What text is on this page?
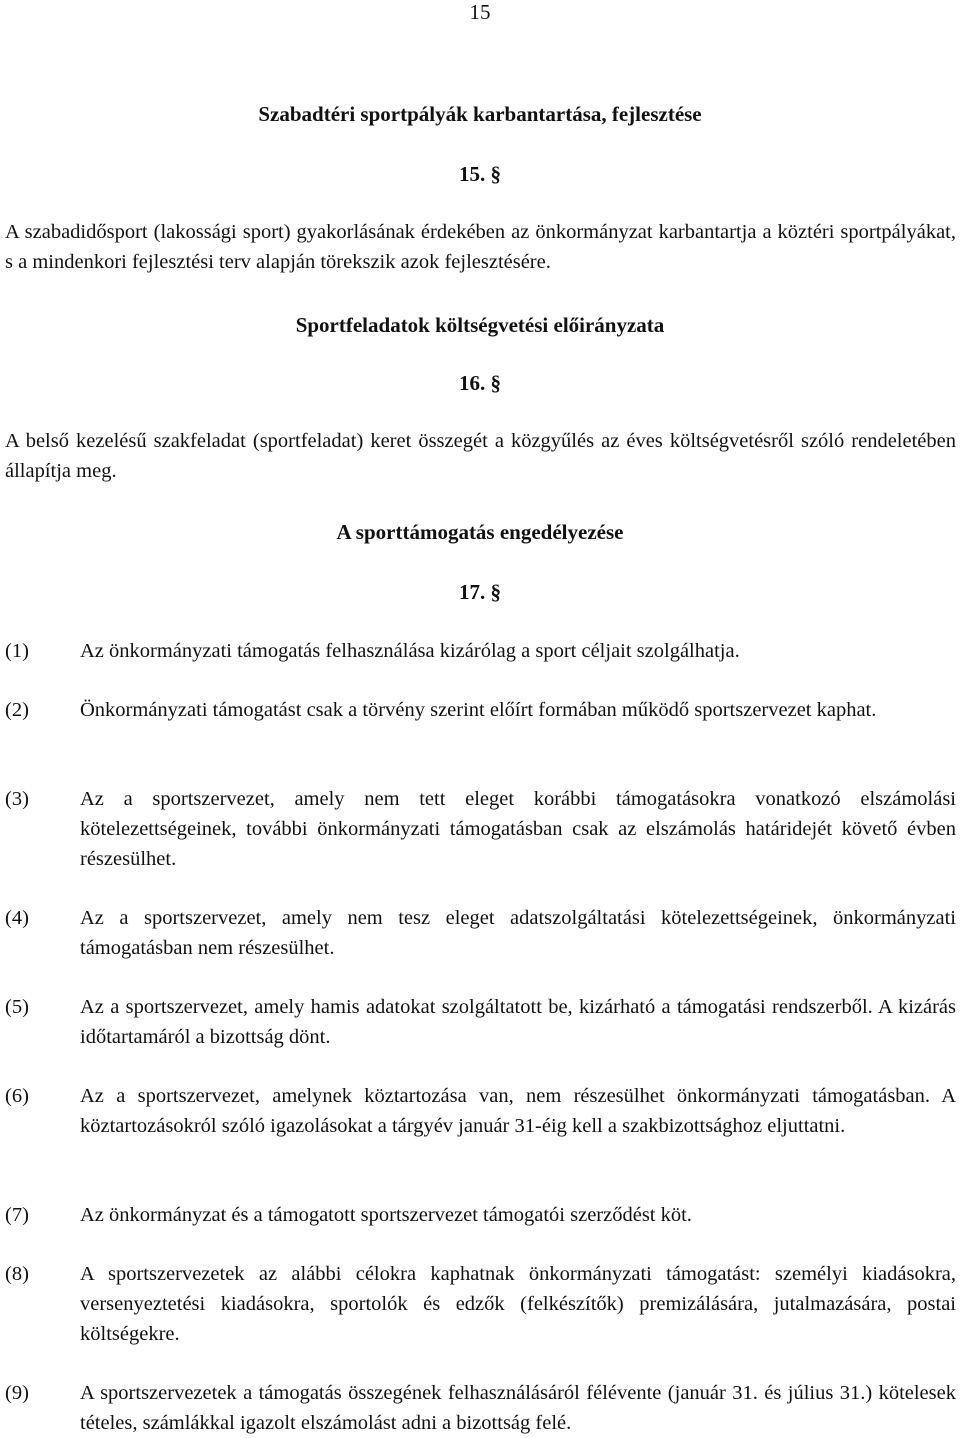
15
Szabadtéri sportpályák karbantartása, fejlesztése
15. §
A szabadidősport (lakossági sport) gyakorlásának érdekében az önkormányzat karbantartja a köztéri sportpályákat, s a mindenkori fejlesztési terv alapján törekszik azok fejlesztésére.
Sportfeladatok költségvetési előirányzata
16. §
A belső kezelésű szakfeladat (sportfeladat) keret összegét a közgyűlés az éves költségvetésről szóló rendeletében állapítja meg.
A sporttámogatás engedélyezése
17. §
(1)	Az önkormányzati támogatás felhasználása kizárólag a sport céljait szolgálhatja.
(2)	Önkormányzati támogatást csak a törvény szerint előírt formában működő sportszervezet kaphat.
(3)	Az a sportszervezet, amely nem tett eleget korábbi támogatásokra vonatkozó elszámolási kötelezettségeinek, további önkormányzati támogatásban csak az elszámolás határidejét követő évben részesülhet.
(4)	Az a sportszervezet, amely nem tesz eleget adatszolgáltatási kötelezettségeinek, önkormányzati támogatásban nem részesülhet.
(5)	Az a sportszervezet, amely hamis adatokat szolgáltatott be, kizárható a támogatási rendszerből. A kizárás időtartamáról a bizottság dönt.
(6)	Az a sportszervezet, amelynek köztartozása van, nem részesülhet önkormányzati támogatásban. A köztartozásokról szóló igazolásokat a tárgyév január 31-éig kell a szakbizottsághoz eljuttatni.
(7)	Az önkormányzat és a támogatott sportszervezet támogatói szerződést köt.
(8)	A sportszervezetek az alábbi célokra kaphatnak önkormányzati támogatást: személyi kiadásokra, versenyeztetési kiadásokra, sportolók és edzők (felkészítők) premizálására, jutalmazására, postai költségekre.
(9)	A sportszervezetek a támogatás összegének felhasználásáról félévente (január 31. és július 31.) kötelesek tételes, számlákkal igazolt elszámolást adni a bizottság felé.
